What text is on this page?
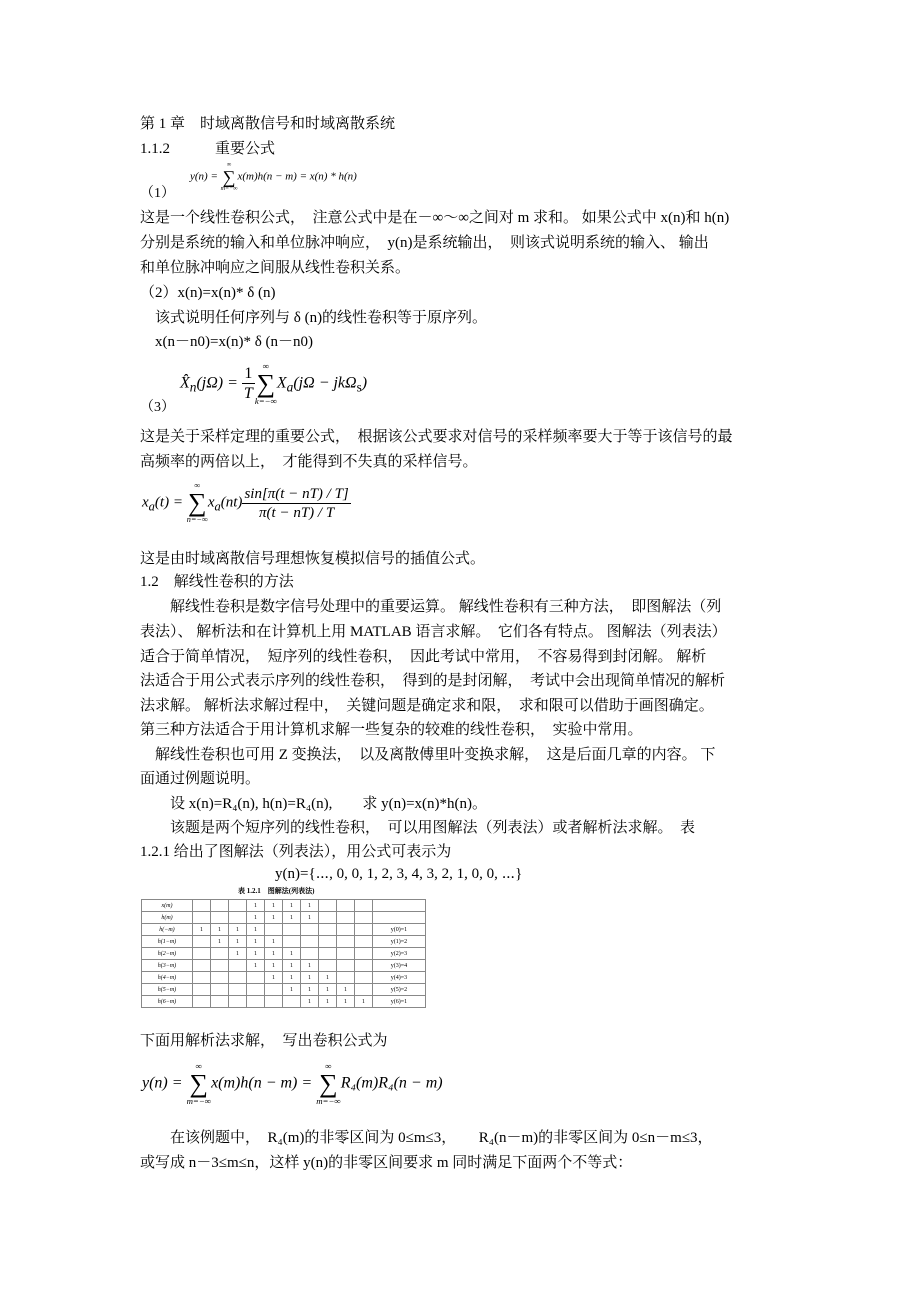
第 1 章　时域离散信号和时域离散系统
1.1.2　　　重要公式
（1）
y(n) =
∞
∑
m=−∞
x(m)h(n − m) = x(n) * h(n)
这是一个线性卷积公式，　注意公式中是在－∞～∞之间对 m 求和。 如果公式中 x(n)和 h(n)
分别是系统的输入和单位脉冲响应，　y(n)是系统输出，　则该式说明系统的输入、 输出
和单位脉冲响应之间服从线性卷积关系。
（2）x(n)=x(n)* δ (n)
　该式说明任何序列与 δ (n)的线性卷积等于原序列。
　x(n－n0)=x(n)* δ (n－n0)
（3）
$X̂_n(j\Omega) = \frac{1}{T}$ ∞
∑
k=−∞
$X_a(j\Omega - jk\Omega_s)$
这是关于采样定理的重要公式，　根据该公式要求对信号的采样频率要大于等于该信号的最
高频率的两倍以上，　才能得到不失真的采样信号。
$x_a(t)$ =
∞
∑
n=−∞
$x_a(nt) \frac{\sin[\pi(t - nT) / T]}{\pi(t - nT) / T}$
这是由时域离散信号理想恢复模拟信号的插值公式。
1.2　解线性卷积的方法
　　解线性卷积是数字信号处理中的重要运算。 解线性卷积有三种方法，　即图解法（列
表法）、 解析法和在计算机上用 MATLAB 语言求解。　它们各有特点。 图解法（列表法）
适合于简单情况，　短序列的线性卷积，　因此考试中常用，　不容易得到封闭解。 解析
法适合于用公式表示序列的线性卷积，　得到的是封闭解，　考试中会出现简单情况的解析
法求解。 解析法求解过程中，　关键问题是确定求和限，　求和限可以借助于画图确定。
第三种方法适合于用计算机求解一些复杂的较难的线性卷积，　实验中常用。
　解线性卷积也可用 Z 变换法，　以及离散傅里叶变换求解，　这是后面几章的内容。 下
面通过例题说明。
　　设 x(n)=R₄(n), h(n)=R₄(n),　　求 y(n)=x(n)*h(n)。
　　该题是两个短序列的线性卷积，　可以用图解法（列表法）或者解析法求解。　表
1.2.1 给出了图解法（列表法），用公式可表示为
　　　　　　　　　y(n)={⋯, 0, 0, 1, 2, 3, 4, 3, 2, 1, 0, 0, ⋯}
表 1.2.1　图解法(列表法)
x(m)				1	1	1	1				
h(m)				1	1	1	1				
h(−m)	1	1	1	1							y(0)=1
h(1−m)		1	1	1	1						y(1)=2
h(2−m)			1	1	1	1					y(2)=3
h(3−m)				1	1	1	1				y(3)=4
h(4−m)					1	1	1	1			y(4)=3
h(5−m)						1	1	1	1		y(5)=2
h(6−m)							1	1	1	1	y(6)=1
下面用解析法求解，　写出卷积公式为
y(n) =
∞
∑
m=−∞
x(m)h(n − m) =
∞
∑
m=−∞
R₄(m)R₄(n − m)
　　在该例题中，　R₄(m)的非零区间为 0≤m≤3，　　R₄(n－m)的非零区间为 0≤n－m≤3，
或写成 n－3≤m≤n，这样 y(n)的非零区间要求 m 同时满足下面两个不等式：
